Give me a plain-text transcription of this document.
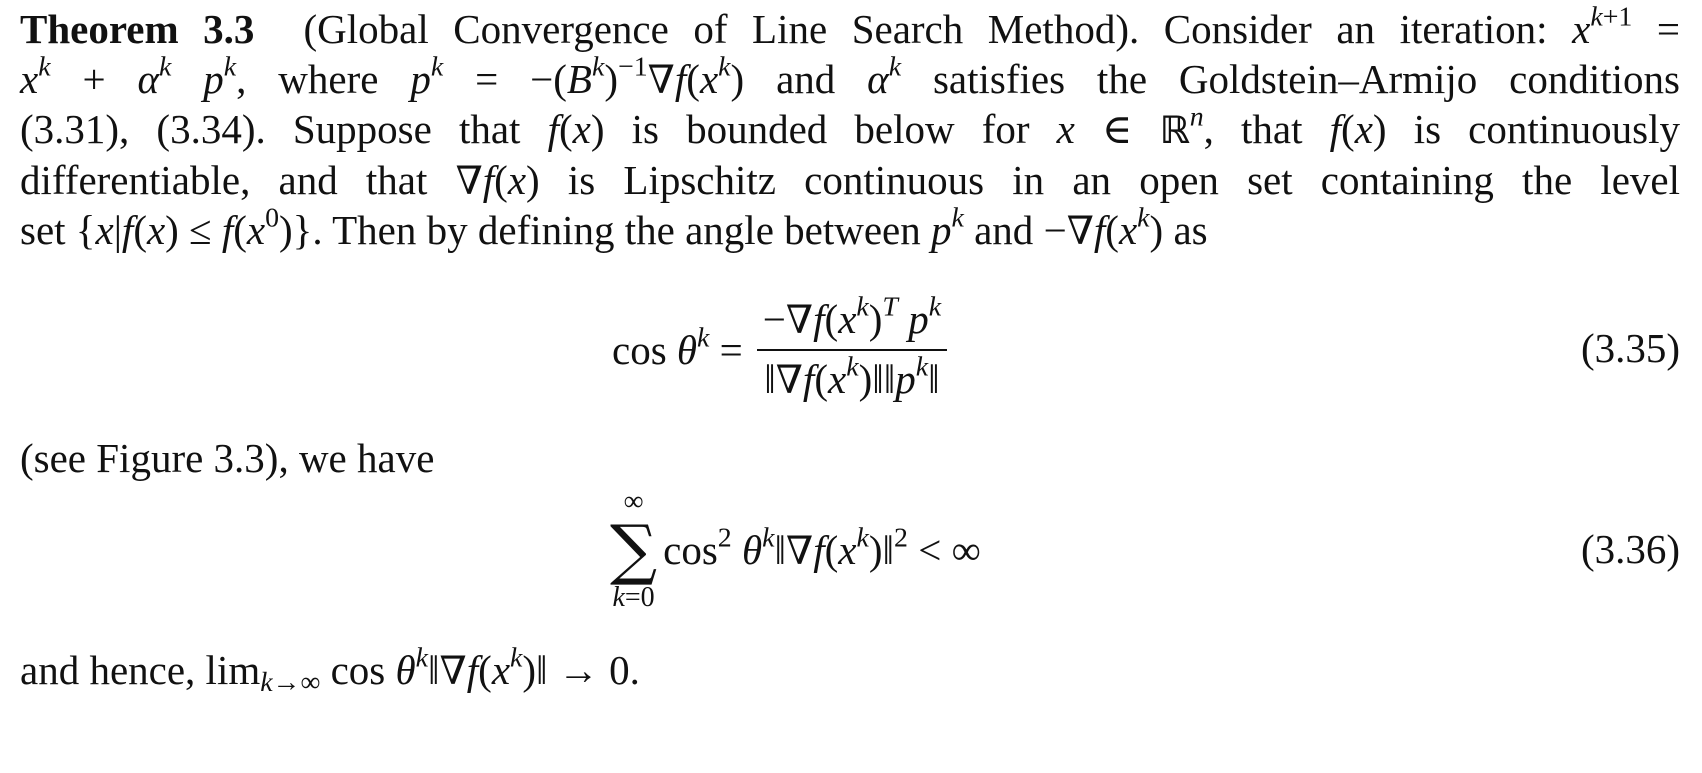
Theorem 3.3 (Global Convergence of Line Search Method). Consider an iteration: $x^{k+1}$ =
$x^k + \alpha^k$ $p^k$, where $p^k = -(B^k)^{-1}\nabla f(x^k)$ and $\alpha^k$ satisfies the Goldstein–Armijo conditions
(3.31), (3.34). Suppose that f(x) is bounded below for x ∈ ℝ$^n$, that f(x) is continuously
differentiable, and that ∇f(x) is Lipschitz continuous in an open set containing the level
set $\{x|f(x) \le f(x^0)\}$. Then by defining the angle between $p^k$ and $-\nabla f(x^k)$ as
$\cos \theta^k = \frac{-\nabla f(x^k)^T p^k}{‖\nabla f(x^k)‖‖p^k‖}$	(3.35)
(see Figure 3.3), we have
∞
∑
k=0
$\cos^2$ $\theta^k‖\nabla f(x^k)‖^2$ < ∞	(3.36)
and hence, $\lim_{k\to\infty} \cos$ $\theta^k‖\nabla f(x^k)‖ \to 0$.
